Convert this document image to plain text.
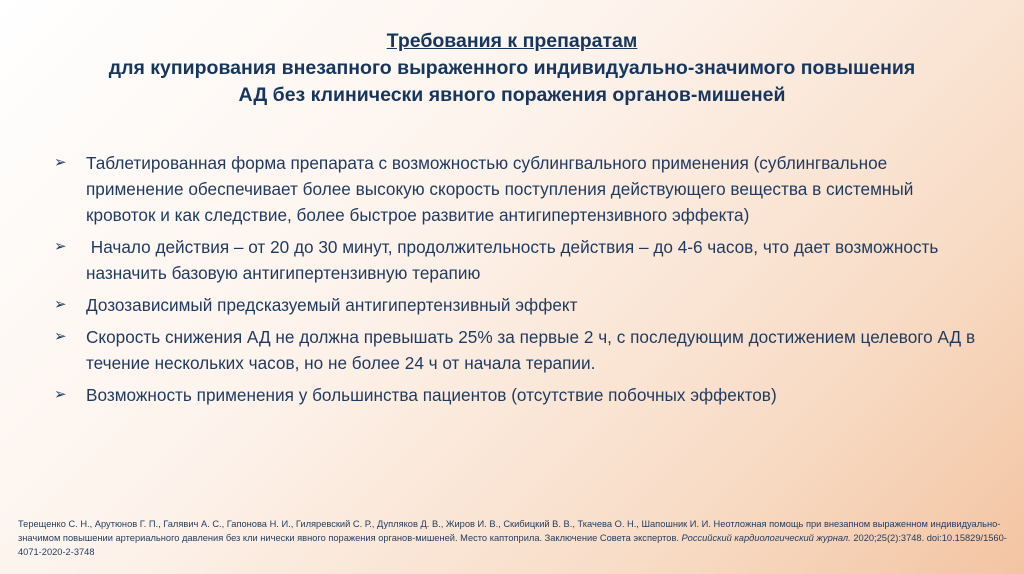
Требования к препаратам
для купирования внезапного выраженного индивидуально-значимого повышения
АД без клинически явного поражения органов-мишеней
➢	Таблетированная форма препарата с возможностью сублингвального применения (сублингвальное применение обеспечивает более высокую скорость поступления действующего вещества в системный кровоток и как следствие, более быстрое развитие антигипертензивного эффекта)
➢	Начало действия – от 20 до 30 минут, продолжительность действия – до 4-6 часов, что дает возможность назначить базовую антигипертензивную терапию
➢	Дозозависимый предсказуемый антигипертензивный эффект
➢	Скорость снижения АД не должна превышать 25% за первые 2 ч, с последующим достижением целевого АД в течение нескольких часов, но не более 24 ч от начала терапии.
➢	Возможность применения у большинства пациентов (отсутствие побочных эффектов)
Терещенко С. Н., Арутюнов Г. П., Галявич А. С., Гапонова Н. И., Гиляревский С. Р., Дупляков Д. В., Жиров И. В., Скибицкий В. В., Ткачева О. Н., Шапошник И. И. Неотложная помощь при внезапном выраженном индивидуально-значимом повышении артериального давления без кли нически явного поражения органов-мишеней. Место каптоприла. Заключение Совета экспертов. Российский кардиологический журнал. 2020;25(2):3748. doi:10.15829/1560-4071-2020-2-3748
